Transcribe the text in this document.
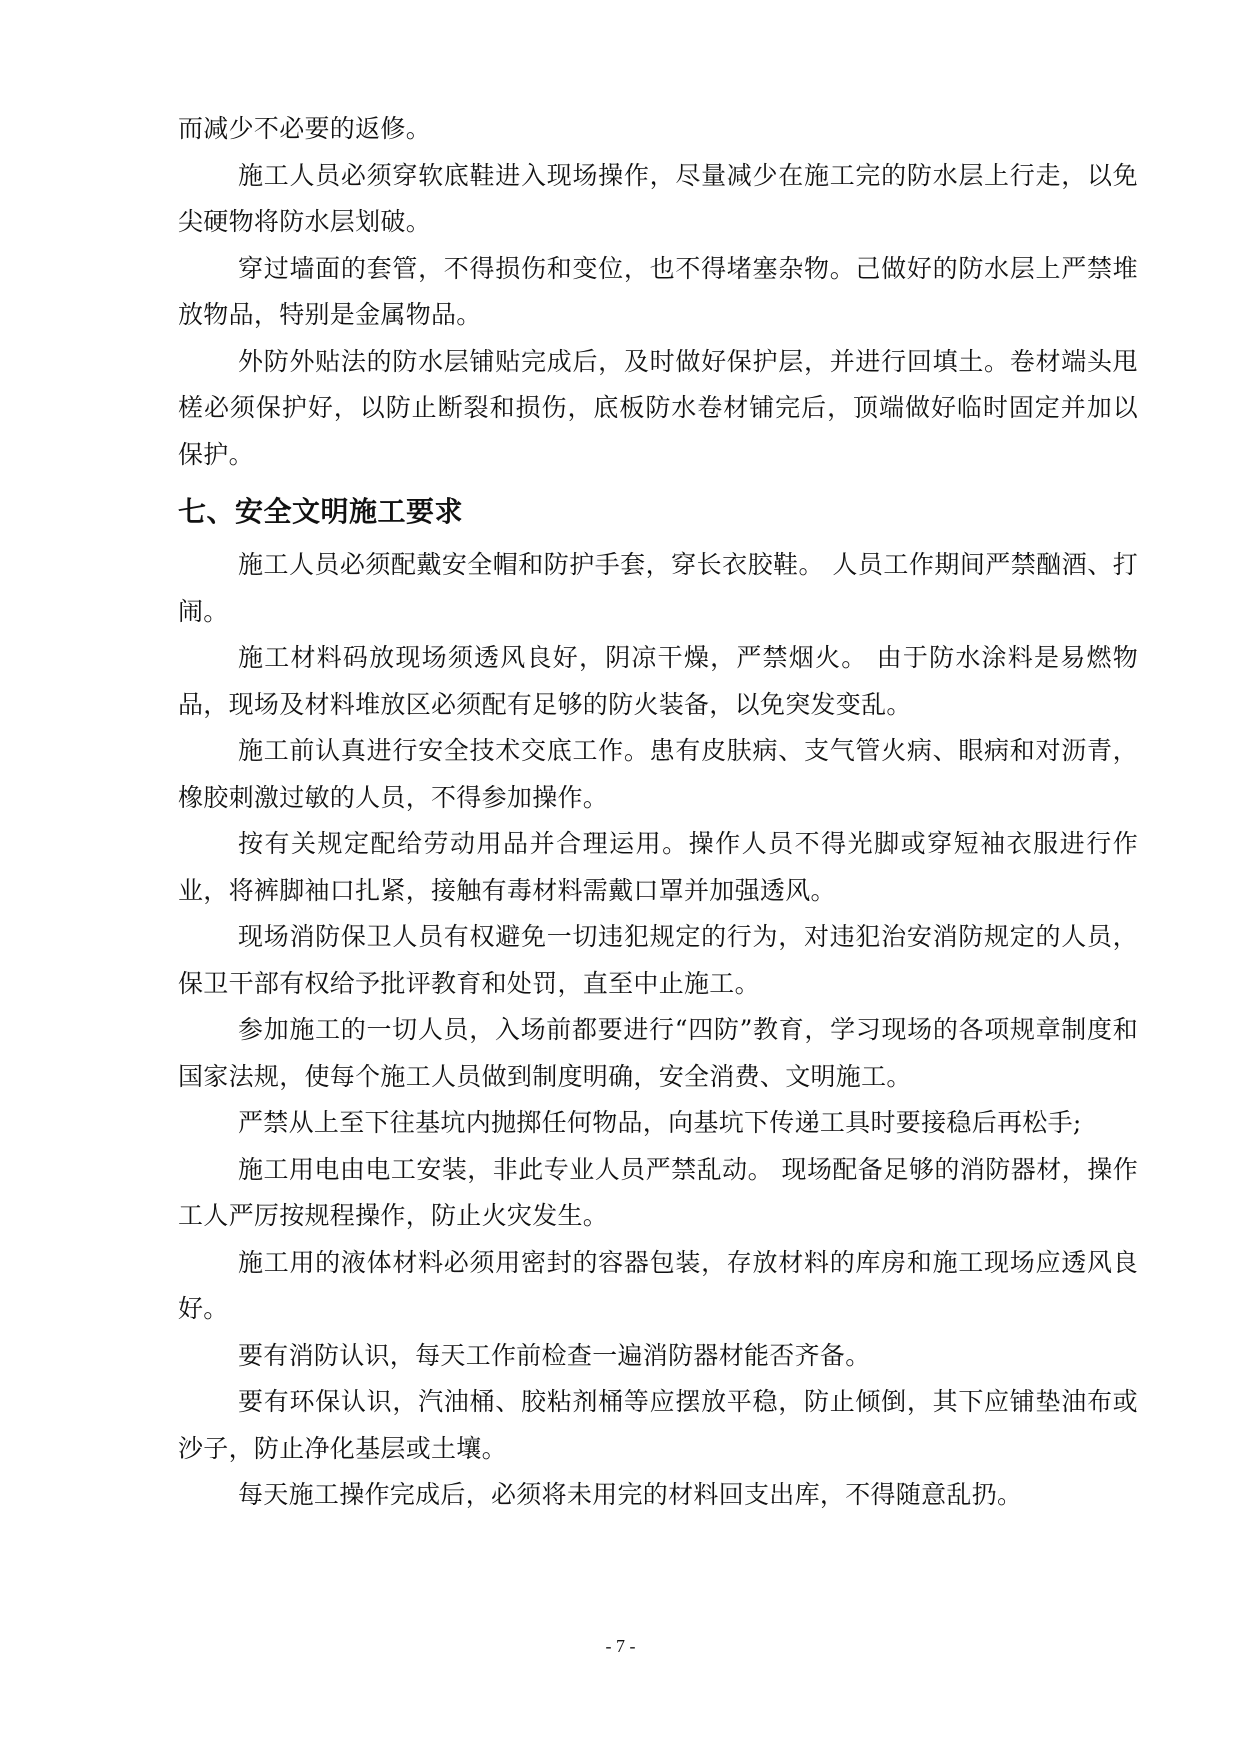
而减少不必要的返修。

施工人员必须穿软底鞋进入现场操作，尽量减少在施工完的防水层上行走，以免尖硬物将防水层划破。

穿过墙面的套管，不得损伤和变位，也不得堵塞杂物。己做好的防水层上严禁堆放物品，特别是金属物品。

外防外贴法的防水层铺贴完成后，及时做好保护层，并进行回填土。卷材端头甩槎必须保护好，以防止断裂和损伤，底板防水卷材铺完后，顶端做好临时固定并加以保护。

七、安全文明施工要求

施工人员必须配戴安全帽和防护手套，穿长衣胶鞋。 人员工作期间严禁酗酒、打闹。

施工材料码放现场须透风良好，阴凉干燥，严禁烟火。 由于防水涂料是易燃物品，现场及材料堆放区必须配有足够的防火装备，以免突发变乱。

施工前认真进行安全技术交底工作。患有皮肤病、支气管火病、眼病和对沥青，橡胶刺激过敏的人员，不得参加操作。

按有关规定配给劳动用品并合理运用。操作人员不得光脚或穿短袖衣服进行作业，将裤脚袖口扎紧，接触有毒材料需戴口罩并加强透风。

现场消防保卫人员有权避免一切违犯规定的行为，对违犯治安消防规定的人员，保卫干部有权给予批评教育和处罚，直至中止施工。

参加施工的一切人员，入场前都要进行“四防”教育，学习现场的各项规章制度和国家法规，使每个施工人员做到制度明确，安全消费、文明施工。

严禁从上至下往基坑内抛掷任何物品，向基坑下传递工具时要接稳后再松手;

施工用电由电工安装，非此专业人员严禁乱动。 现场配备足够的消防器材，操作工人严厉按规程操作，防止火灾发生。

施工用的液体材料必须用密封的容器包装，存放材料的库房和施工现场应透风良好。

要有消防认识，每天工作前检查一遍消防器材能否齐备。

要有环保认识，汽油桶、胶粘剂桶等应摆放平稳，防止倾倒，其下应铺垫油布或沙子，防止净化基层或土壤。

每天施工操作完成后，必须将未用完的材料回支出库，不得随意乱扔。

- 7 -
